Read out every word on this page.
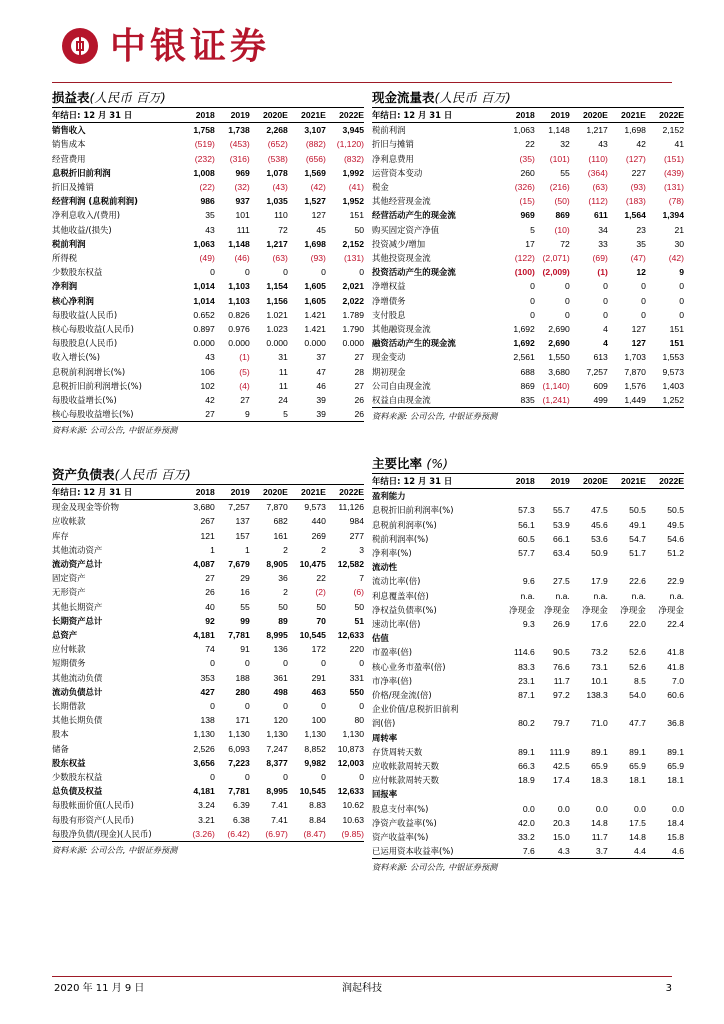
中银证券
损益表(人民币 百万)
年结日: 12 月 31 日	2018	2019	2020E	2021E	2022E
销售收入	1,758	1,738	2,268	3,107	3,945
销售成本	(519)	(453)	(652)	(882)	(1,120)
经营费用	(232)	(316)	(538)	(656)	(832)
息税折旧前利润	1,008	969	1,078	1,569	1,992
折旧及摊销	(22)	(32)	(43)	(42)	(41)
经营利润 (息税前利润)	986	937	1,035	1,527	1,952
净利息收入/(费用)	35	101	110	127	151
其他收益/(损失)	43	111	72	45	50
税前利润	1,063	1,148	1,217	1,698	2,152
所得税	(49)	(46)	(63)	(93)	(131)
少数股东权益	0	0	0	0	0
净利润	1,014	1,103	1,154	1,605	2,021
核心净利润	1,014	1,103	1,156	1,605	2,022
每股收益(人民币)	0.652	0.826	1.021	1.421	1.789
核心每股收益(人民币)	0.897	0.976	1.023	1.421	1.790
每股股息(人民币)	0.000	0.000	0.000	0.000	0.000
收入增长(%)	43	(1)	31	37	27
息税前利润增长(%)	106	(5)	11	47	28
息税折旧前利润增长(%)	102	(4)	11	46	27
每股收益增长(%)	42	27	24	39	26
核心每股收益增长(%)	27	9	5	39	26
资料来源: 公司公告, 中银证券预测
现金流量表(人民币 百万)
年结日: 12 月 31 日	2018	2019	2020E	2021E	2022E
税前利润	1,063	1,148	1,217	1,698	2,152
折旧与摊销	22	32	43	42	41
净利息费用	(35)	(101)	(110)	(127)	(151)
运营资本变动	260	55	(364)	227	(439)
税金	(326)	(216)	(63)	(93)	(131)
其他经营现金流	(15)	(50)	(112)	(183)	(78)
经营活动产生的现金流	969	869	611	1,564	1,394
购买固定资产净值	5	(10)	34	23	21
投资减少/增加	17	72	33	35	30
其他投资现金流	(122)	(2,071)	(69)	(47)	(42)
投资活动产生的现金流	(100)	(2,009)	(1)	12	9
净增权益	0	0	0	0	0
净增债务	0	0	0	0	0
支付股息	0	0	0	0	0
其他融资现金流	1,692	2,690	4	127	151
融资活动产生的现金流	1,692	2,690	4	127	151
现金变动	2,561	1,550	613	1,703	1,553
期初现金	688	3,680	7,257	7,870	9,573
公司自由现金流	869	(1,140)	609	1,576	1,403
权益自由现金流	835	(1,241)	499	1,449	1,252
资料来源: 公司公告, 中银证券预测
资产负债表(人民币 百万)
年结日: 12 月 31 日	2018	2019	2020E	2021E	2022E
现金及现金等价物	3,680	7,257	7,870	9,573	11,126
应收帐款	267	137	682	440	984
库存	121	157	161	269	277
其他流动资产	1	1	2	2	3
流动资产总计	4,087	7,679	8,905	10,475	12,582
固定资产	27	29	36	22	7
无形资产	26	16	2	(2)	(6)
其他长期资产	40	55	50	50	50
长期资产总计	92	99	89	70	51
总资产	4,181	7,781	8,995	10,545	12,633
应付帐款	74	91	136	172	220
短期债务	0	0	0	0	0
其他流动负债	353	188	361	291	331
流动负债总计	427	280	498	463	550
长期借款	0	0	0	0	0
其他长期负债	138	171	120	100	80
股本	1,130	1,130	1,130	1,130	1,130
储备	2,526	6,093	7,247	8,852	10,873
股东权益	3,656	7,223	8,377	9,982	12,003
少数股东权益	0	0	0	0	0
总负债及权益	4,181	7,781	8,995	10,545	12,633
每股帐面价值(人民币)	3.24	6.39	7.41	8.83	10.62
每股有形资产(人民币)	3.21	6.38	7.41	8.84	10.63
每股净负债/(现金)(人民币)	(3.26)	(6.42)	(6.97)	(8.47)	(9.85)
资料来源: 公司公告, 中银证券预测
主要比率 (%)
年结日: 12 月 31 日	2018	2019	2020E	2021E	2022E
盈利能力					
息税折旧前利润率(%)	57.3	55.7	47.5	50.5	50.5
息税前利润率(%)	56.1	53.9	45.6	49.1	49.5
税前利润率(%)	60.5	66.1	53.6	54.7	54.6
净利率(%)	57.7	63.4	50.9	51.7	51.2
流动性					
流动比率(倍)	9.6	27.5	17.9	22.6	22.9
利息覆盖率(倍)	n.a.	n.a.	n.a.	n.a.	n.a.
净权益负债率(%)	净现金	净现金	净现金	净现金	净现金
速动比率(倍)	9.3	26.9	17.6	22.0	22.4
估值					
市盈率(倍)	114.6	90.5	73.2	52.6	41.8
核心业务市盈率(倍)	83.3	76.6	73.1	52.6	41.8
市净率(倍)	23.1	11.7	10.1	8.5	7.0
价格/现金流(倍)	87.1	97.2	138.3	54.0	60.6
企业价值/息税折旧前利					
润(倍)	80.2	79.7	71.0	47.7	36.8
周转率					
存货周转天数	89.1	111.9	89.1	89.1	89.1
应收帐款周转天数	66.3	42.5	65.9	65.9	65.9
应付帐款周转天数	18.9	17.4	18.3	18.1	18.1
回报率					
股息支付率(%)	0.0	0.0	0.0	0.0	0.0
净资产收益率(%)	42.0	20.3	14.8	17.5	18.4
资产收益率(%)	33.2	15.0	11.7	14.8	15.8
已运用资本收益率(%)	7.6	4.3	3.7	4.4	4.6
资料来源: 公司公告, 中银证券预测
2020 年 11 月 9 日	润起科技	3
